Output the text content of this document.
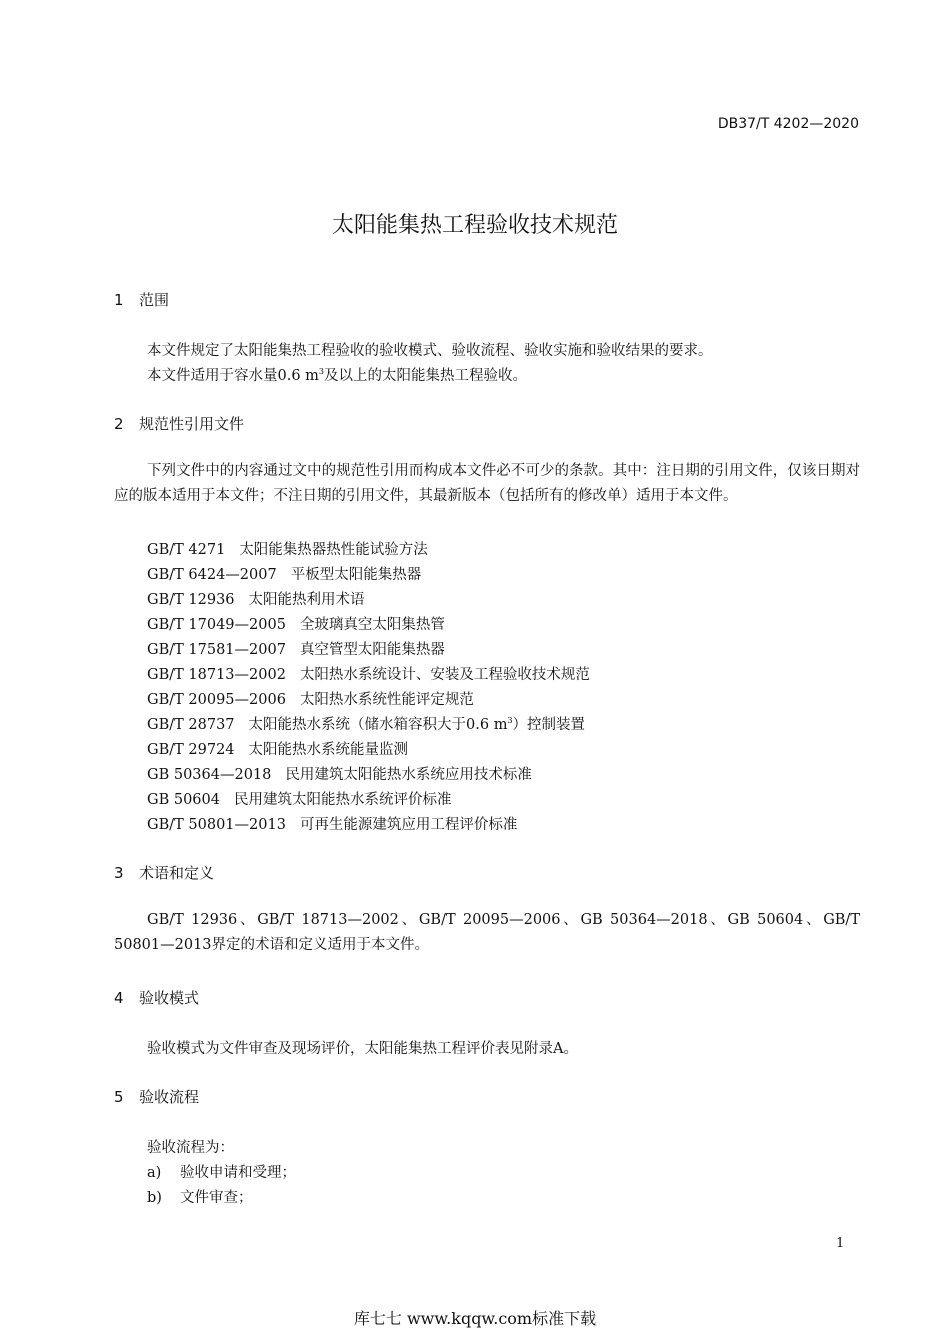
DB37/T 4202—2020
太阳能集热工程验收技术规范
1 范围
本文件规定了太阳能集热工程验收的验收模式、验收流程、验收实施和验收结果的要求。
本文件适用于容水量0.6 $m^3$及以上的太阳能集热工程验收。
2 规范性引用文件
下列文件中的内容通过文中的规范性引用而构成本文件必不可少的条款。其中：注日期的引用文件，仅该日期对应的版本适用于本文件；不注日期的引用文件，其最新版本（包括所有的修改单）适用于本文件。
GB/T 4271 太阳能集热器热性能试验方法
GB/T 6424—2007 平板型太阳能集热器
GB/T 12936 太阳能热利用术语
GB/T 17049—2005 全玻璃真空太阳集热管
GB/T 17581—2007 真空管型太阳能集热器
GB/T 18713—2002 太阳热水系统设计、安装及工程验收技术规范
GB/T 20095—2006 太阳热水系统性能评定规范
GB/T 28737 太阳能热水系统（储水箱容积大于0.6 $m^3$）控制装置
GB/T 29724 太阳能热水系统能量监测
GB 50364—2018 民用建筑太阳能热水系统应用技术标准
GB 50604 民用建筑太阳能热水系统评价标准
GB/T 50801—2013 可再生能源建筑应用工程评价标准
3 术语和定义
GB/T 12936、GB/T 18713—2002、GB/T 20095—2006、GB 50364—2018、GB 50604、GB/T 50801—2013界定的术语和定义适用于本文件。
4 验收模式
验收模式为文件审查及现场评价，太阳能集热工程评价表见附录A。
5 验收流程
验收流程为：
a) 验收申请和受理；
b) 文件审查；
1
库七七 www.kqqw.com标准下载
